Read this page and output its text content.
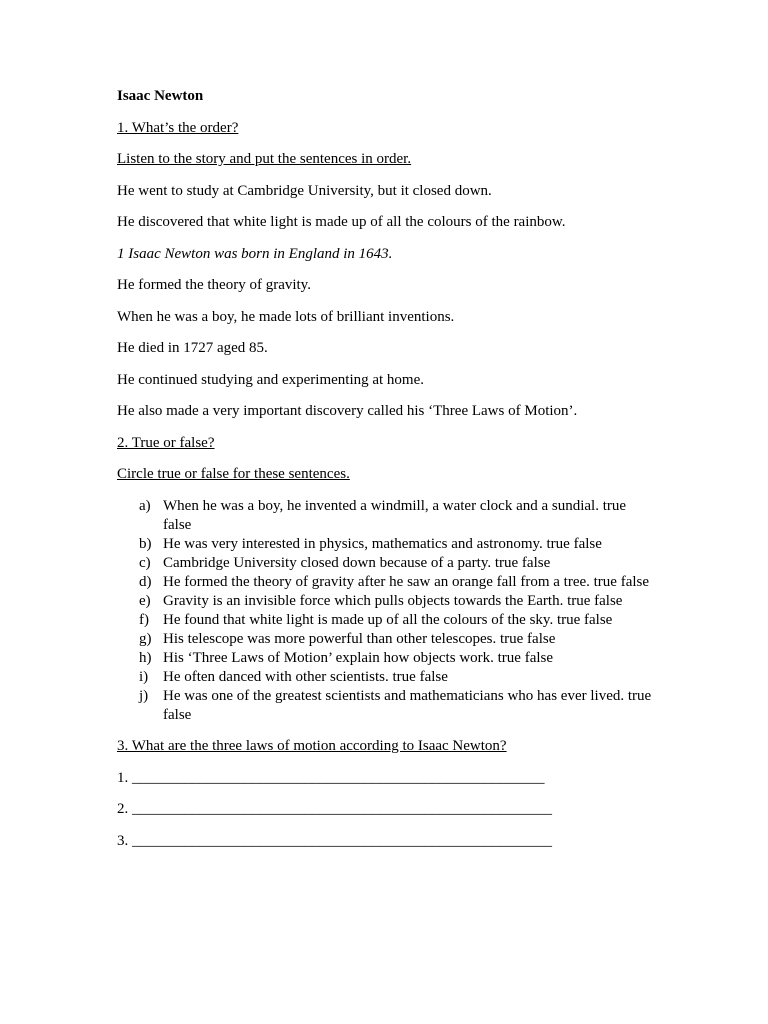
Isaac Newton

1. What’s the order?

Listen to the story and put the sentences in order.

He went to study at Cambridge University, but it closed down.

He discovered that white light is made up of all the colours of the rainbow.

1 Isaac Newton was born in England in 1643.

He formed the theory of gravity.

When he was a boy, he made lots of brilliant inventions.

He died in 1727 aged 85.

He continued studying and experimenting at home.

He also made a very important discovery called his ‘Three Laws of Motion’.

2. True or false?

Circle true or false for these sentences.

a) When he was a boy, he invented a windmill, a water clock and a sundial. true false
b) He was very interested in physics, mathematics and astronomy. true false
c) Cambridge University closed down because of a party. true false
d) He formed the theory of gravity after he saw an orange fall from a tree. true false
e) Gravity is an invisible force which pulls objects towards the Earth. true false
f) He found that white light is made up of all the colours of the sky. true false
g) His telescope was more powerful than other telescopes. true false
h) His ‘Three Laws of Motion’ explain how objects work. true false
i) He often danced with other scientists. true false
j) He was one of the greatest scientists and mathematicians who has ever lived. true false

3. What are the three laws of motion according to Isaac Newton?

1. _______________________________________________________

2. ________________________________________________________

3. ________________________________________________________
